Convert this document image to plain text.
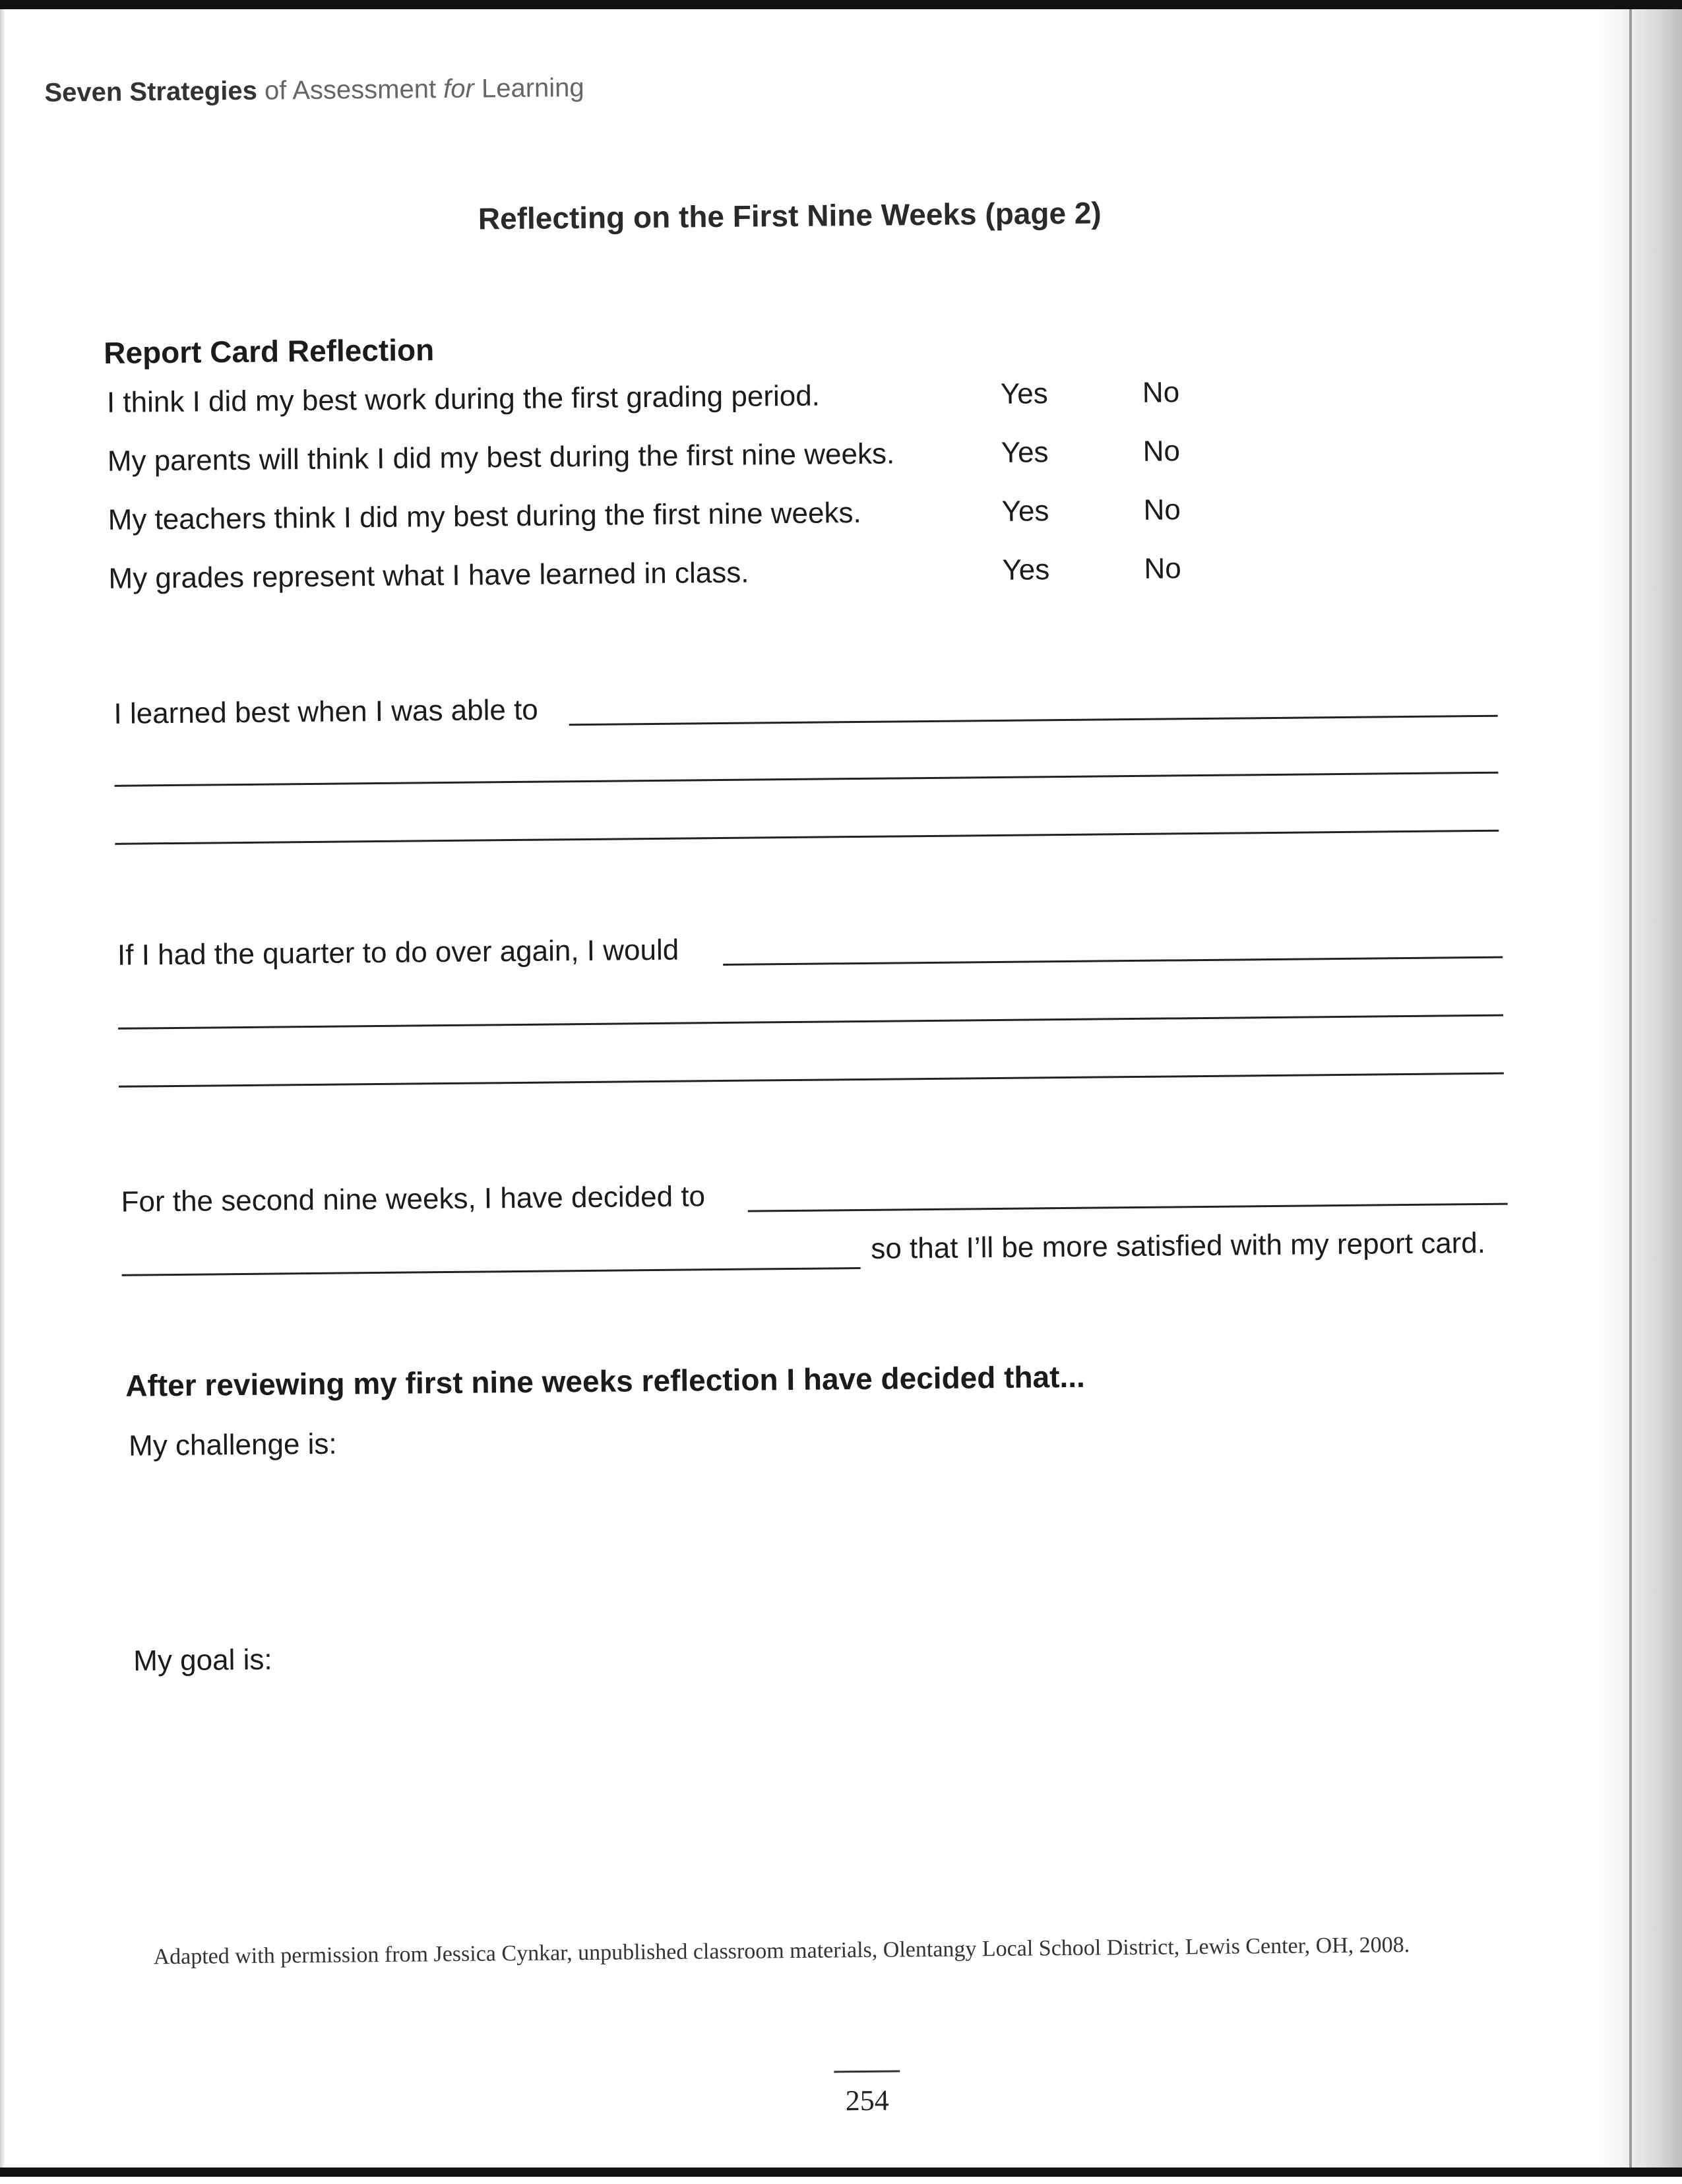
Seven Strategies of Assessment for Learning
Reflecting on the First Nine Weeks (page 2)
Report Card Reflection
I think I did my best work during the first grading period.	Yes	No
My parents will think I did my best during the first nine weeks.	Yes	No
My teachers think I did my best during the first nine weeks.	Yes	No
My grades represent what I have learned in class.	Yes	No
I learned best when I was able to
If I had the quarter to do over again, I would
For the second nine weeks, I have decided to
so that I’ll be more satisfied with my report card.
After reviewing my first nine weeks reflection I have decided that...
My challenge is:
My goal is:
Adapted with permission from Jessica Cynkar, unpublished classroom materials, Olentangy Local School District, Lewis Center, OH, 2008.
254
